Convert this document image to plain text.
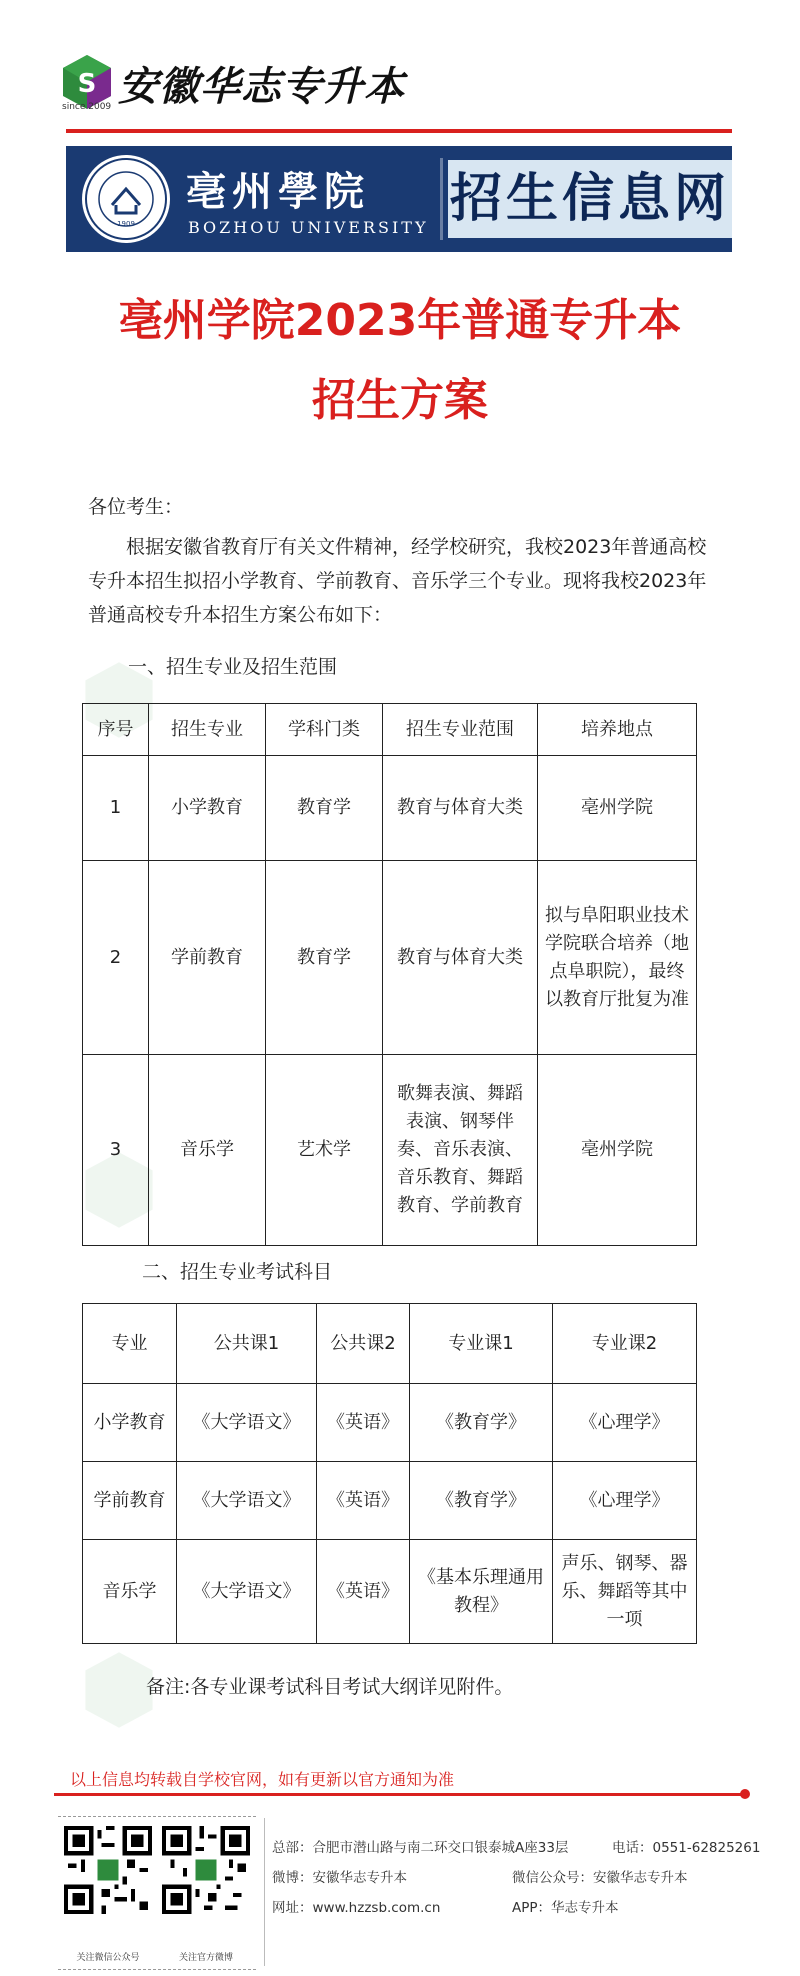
S 安徽华志专升本
since 2009
1909
亳州學院
BOZHOU UNIVERSITY 招生信息网
亳州学院2023年普通专升本
招生方案
各位考生：
根据安徽省教育厅有关文件精神，经学校研究，我校2023年普通高校专升本招生拟招小学教育、学前教育、音乐学三个专业。现将我校2023年普通高校专升本招生方案公布如下：
一、招生专业及招生范围
序号	招生专业	学科门类	招生专业范围	培养地点
1	小学教育	教育学	教育与体育大类	亳州学院
2	学前教育	教育学	教育与体育大类	拟与阜阳职业技术学院联合培养（地点阜职院），最终以教育厅批复为准
3	音乐学	艺术学	歌舞表演、舞蹈表演、钢琴伴奏、音乐表演、音乐教育、舞蹈教育、学前教育	亳州学院
二、招生专业考试科目
专业	公共课1	公共课2	专业课1	专业课2
小学教育	《大学语文》	《英语》	《教育学》	《心理学》
学前教育	《大学语文》	《英语》	《教育学》	《心理学》
音乐学	《大学语文》	《英语》	《基本乐理通用教程》	声乐、钢琴、器乐、舞蹈等其中一项
备注:各专业课考试科目考试大纲详见附件。
以上信息均转载自学校官网，如有更新以官方通知为准
关注微信公众号	关注官方微博
总部：合肥市潜山路与南二环交口银泰城A座33层	电话：0551-62825261
微博：安徽华志专升本	微信公众号：安徽华志专升本
网址：www.hzzsb.com.cn	APP：华志专升本
